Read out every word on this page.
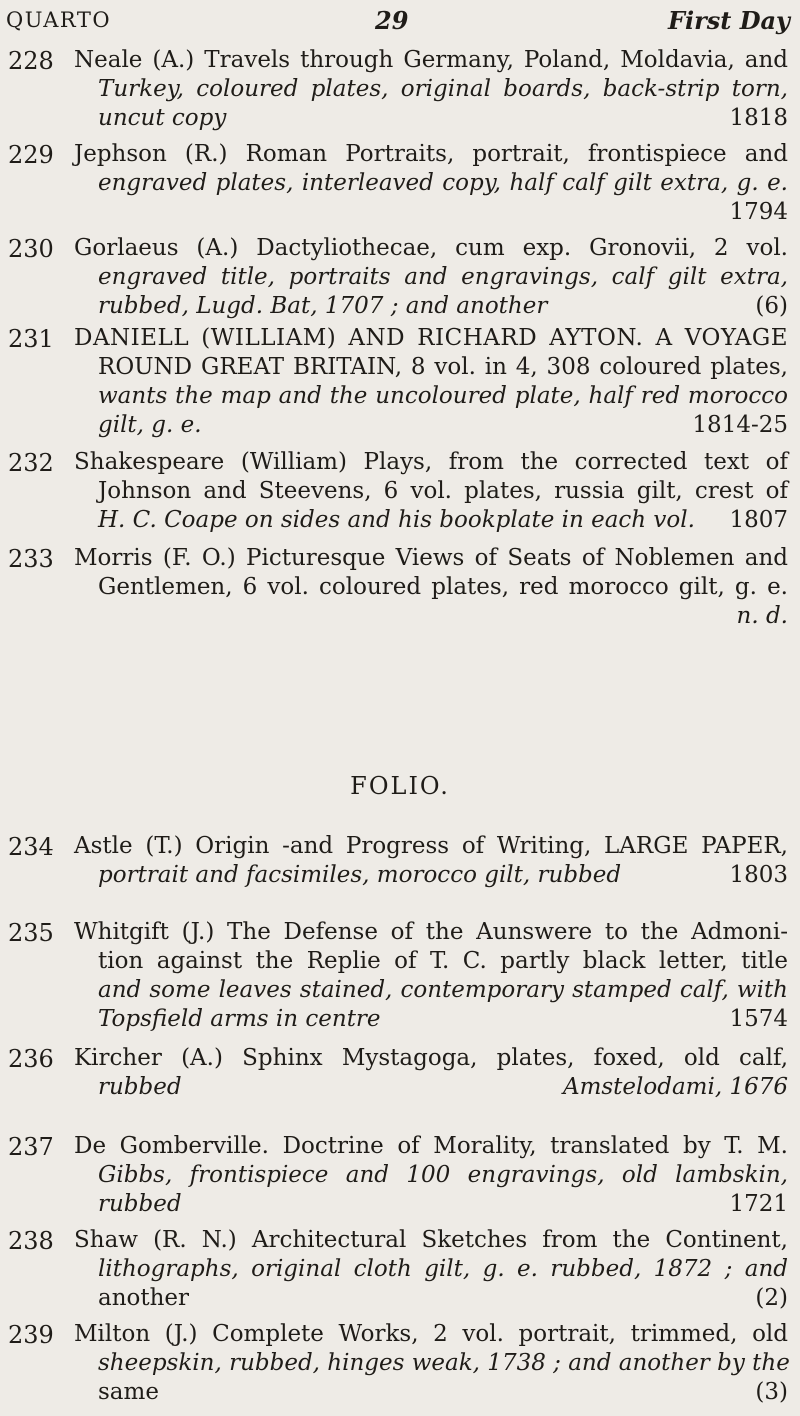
QUARTO	29	First Day
228 Neale (A.) Travels through Germany, Poland, Moldavia, and
Turkey, coloured plates, original boards, back-strip torn,
uncut copy	1818
229 Jephson (R.) Roman Portraits, portrait, frontispiece and
engraved plates, interleaved copy, half calf gilt extra, g. e.
1794
230 Gorlaeus (A.) Dactyliothecae, cum exp. Gronovii, 2 vol.
engraved title, portraits and engravings, calf gilt extra,
rubbed, Lugd. Bat, 1707 ; and another	(6)
231 DANIELL (WILLIAM) AND RICHARD AYTON. A VOYAGE
ROUND GREAT BRITAIN, 8 vol. in 4, 308 coloured plates,
wants the map and the uncoloured plate, half red morocco
gilt, g. e.	1814-25
232 Shakespeare (William) Plays, from the corrected text of
Johnson and Steevens, 6 vol. plates, russia gilt, crest of
H. C. Coape on sides and his bookplate in each vol. 1807
233 Morris (F. O.) Picturesque Views of Seats of Noblemen and
Gentlemen, 6 vol. coloured plates, red morocco gilt, g. e.
n. d.
FOLIO.
234 Astle (T.) Origin -and Progress of Writing, LARGE PAPER,
portrait and facsimiles, morocco gilt, rubbed	1803
235 Whitgift (J.) The Defense of the Aunswere to the Admoni-
tion against the Replie of T. C. partly black letter, title
and some leaves stained, contemporary stamped calf, with
Topsfield arms in centre	1574
236 Kircher (A.) Sphinx Mystagoga, plates, foxed, old calf,
rubbed	Amstelodami, 1676
237 De Gomberville. Doctrine of Morality, translated by T. M.
Gibbs, frontispiece and 100 engravings, old lambskin,
rubbed	1721
238 Shaw (R. N.) Architectural Sketches from the Continent,
lithographs, original cloth gilt, g. e. rubbed, 1872 ; and
another	(2)
239 Milton (J.) Complete Works, 2 vol. portrait, trimmed, old
sheepskin, rubbed, hinges weak, 1738 ; and another by the
same	(3)
